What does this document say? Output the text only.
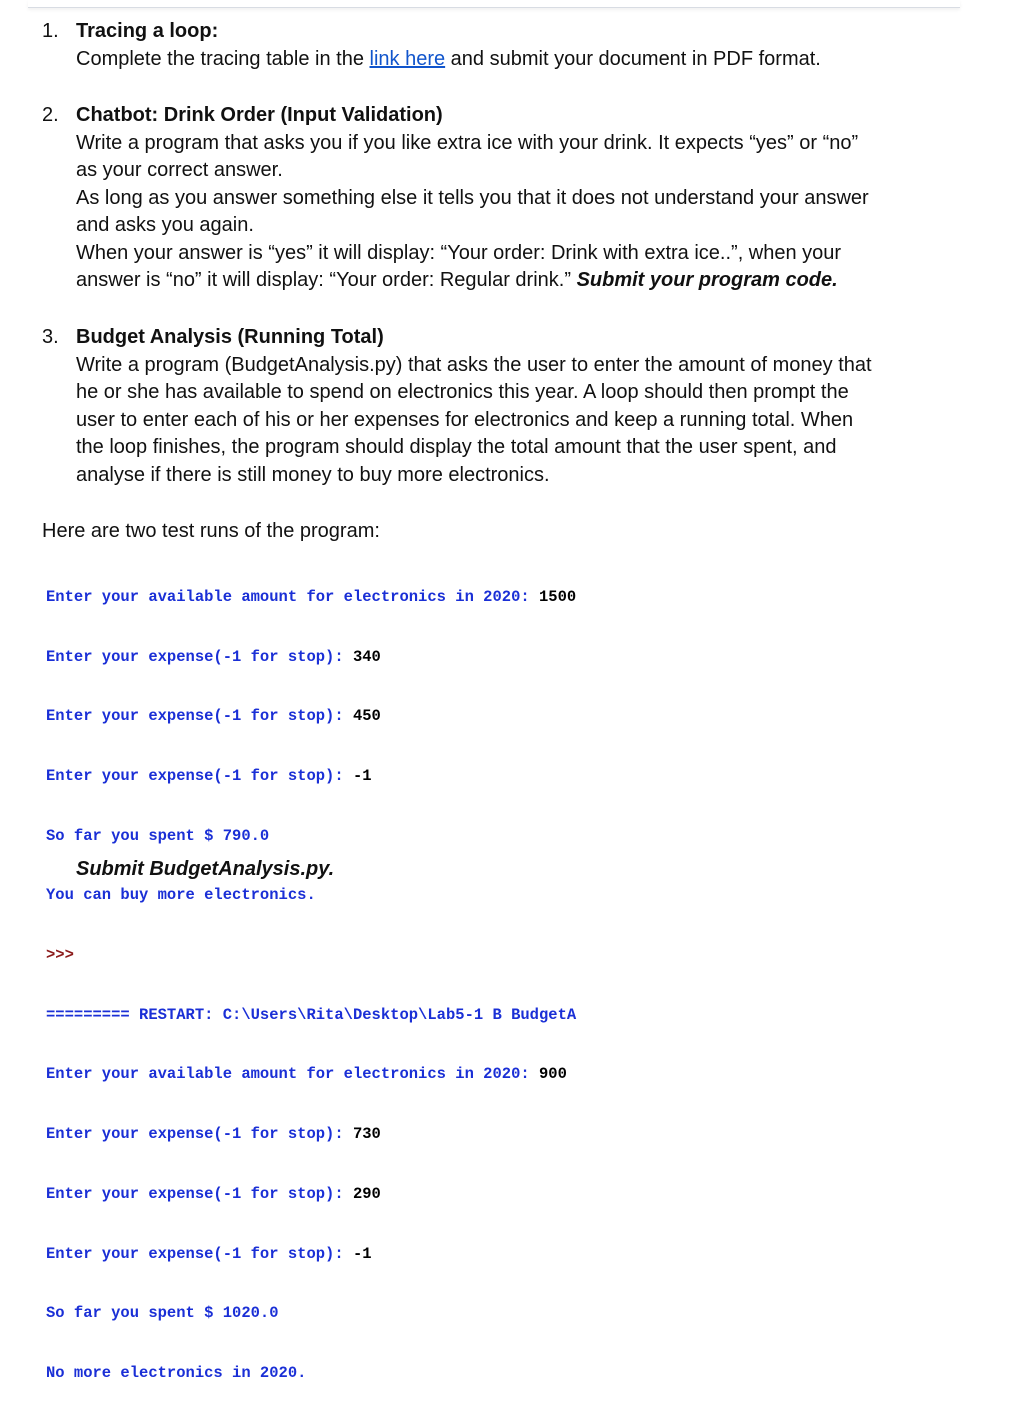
1. Tracing a loop:
Complete the tracing table in the link here and submit your document in PDF format.
2. Chatbot: Drink Order (Input Validation)
Write a program that asks you if you like extra ice with your drink. It expects “yes” or “no”
as your correct answer.
As long as you answer something else it tells you that it does not understand your answer
and asks you again.
When your answer is “yes” it will display: “Your order: Drink with extra ice..”, when your
answer is “no” it will display: “Your order: Regular drink.” Submit your program code.
3. Budget Analysis (Running Total)
Write a program (BudgetAnalysis.py) that asks the user to enter the amount of money that
he or she has available to spend on electronics this year. A loop should then prompt the
user to enter each of his or her expenses for electronics and keep a running total. When
the loop finishes, the program should display the total amount that the user spent, and
analyse if there is still money to buy more electronics.
Here are two test runs of the program:

Enter your available amount for electronics in 2020: 1500

Enter your expense(-1 for stop): 340

Enter your expense(-1 for stop): 450

Enter your expense(-1 for stop): -1

So far you spent $ 790.0

You can buy more electronics.

>>>

========= RESTART: C:\Users\Rita\Desktop\Lab5-1 B BudgetA

Enter your available amount for electronics in 2020: 900

Enter your expense(-1 for stop): 730

Enter your expense(-1 for stop): 290

Enter your expense(-1 for stop): -1

So far you spent $ 1020.0

No more electronics in 2020.

Submit BudgetAnalysis.py.
